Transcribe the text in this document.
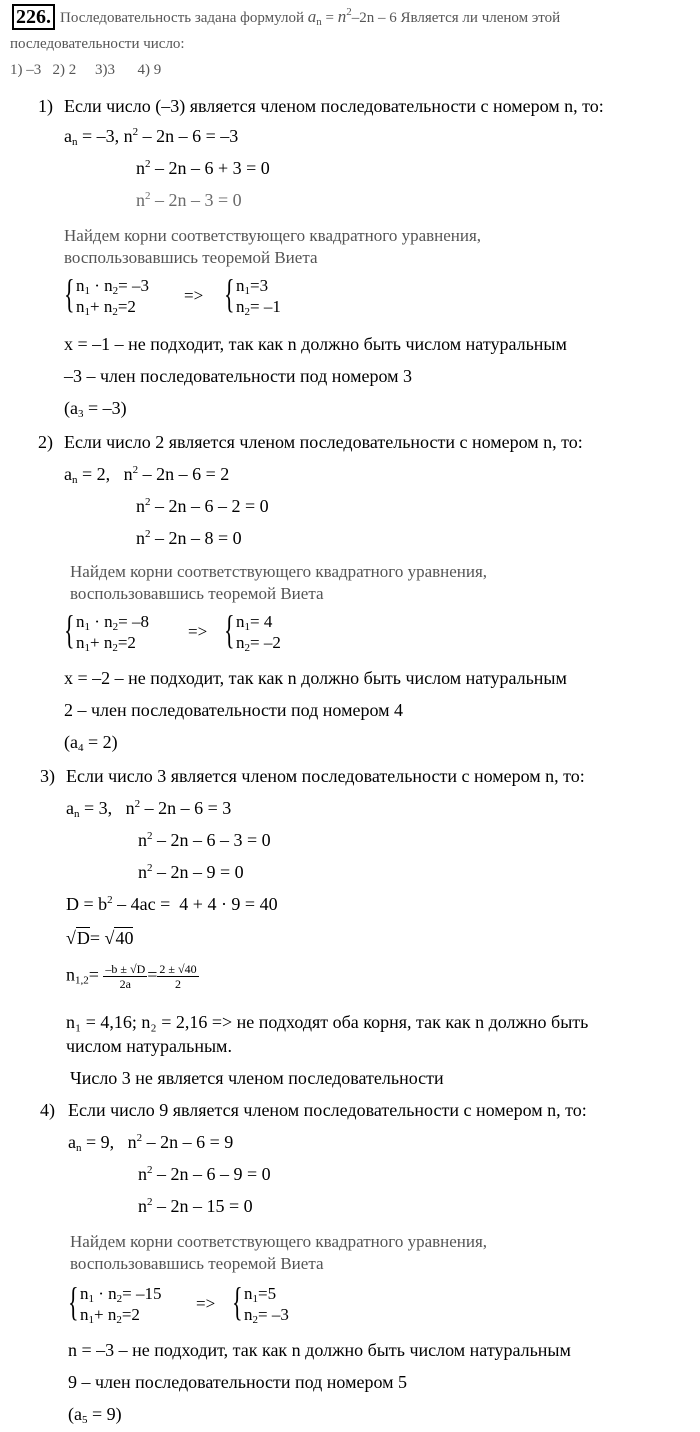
226. Последовательность задана формулой $a_n = n^2-2n - 6$ Является ли членом этой
последовательности число:
1) –3   2) 2     3)3      4) 9
1) Если число (–3) является членом последовательности с номером n, то:
$a_n = -3$, $n^2 - 2n - 6 = -3$
$n^2 - 2n - 6 + 3 = 0$
$n^2 - 2n - 3 = 0$
Найдем корни соответствующего квадратного уравнения,
воспользовавшись теоремой Виета
{ $n_1 \cdot n_2= -3$
$n_1+ n_2=2$
=> { $n_1=3$
$n_2= -1$
x = –1 – не подходит, так как n должно быть числом натуральным
–3 – член последовательности под номером 3
$(a_3 = -3)$
2) Если число 2 является членом последовательности с номером n, то:
$a_n = 2$,   $n^2 - 2n - 6 = 2$
$n^2 - 2n - 6 - 2 = 0$
$n^2 - 2n - 8 = 0$
Найдем корни соответствующего квадратного уравнения,
воспользовавшись теоремой Виета
{ $n_1 \cdot n_2= -8$
$n_1+ n_2=2$
=> { $n_1= 4$
$n_2= -2$
x = –2 – не подходит, так как n должно быть числом натуральным
2 – член последовательности под номером 4
$(a_4 = 2)$
3) Если число 3 является членом последовательности с номером n, то:
$a_n = 3$,   $n^2 - 2n - 6 = 3$
$n^2 - 2n - 6 - 3 = 0$
$n^2 - 2n - 9 = 0$
$D = b^2 - 4ac = 4 + 4 \cdot 9 = 40$
√D= √40
$n_{1,2}= \frac{-b \pm √D}{2a} = \frac{2 \pm √40}{2}$
n₁ = 4,16; n₂ = 2,16 => не подходят оба корня, так как n должно быть
числом натуральным.
Число 3 не является членом последовательности
4) Если число 9 является членом последовательности с номером n, то:
$a_n = 9$,   $n^2 - 2n - 6 = 9$
$n^2 - 2n - 6 - 9 = 0$
$n^2 - 2n - 15 = 0$
Найдем корни соответствующего квадратного уравнения,
воспользовавшись теоремой Виета
{ $n_1 \cdot n_2= -15$
$n_1+ n_2=2$
=> { $n_1=5$
$n_2= -3$
n = –3 – не подходит, так как n должно быть числом натуральным
9 – член последовательности под номером 5
$(a_5 = 9)$
